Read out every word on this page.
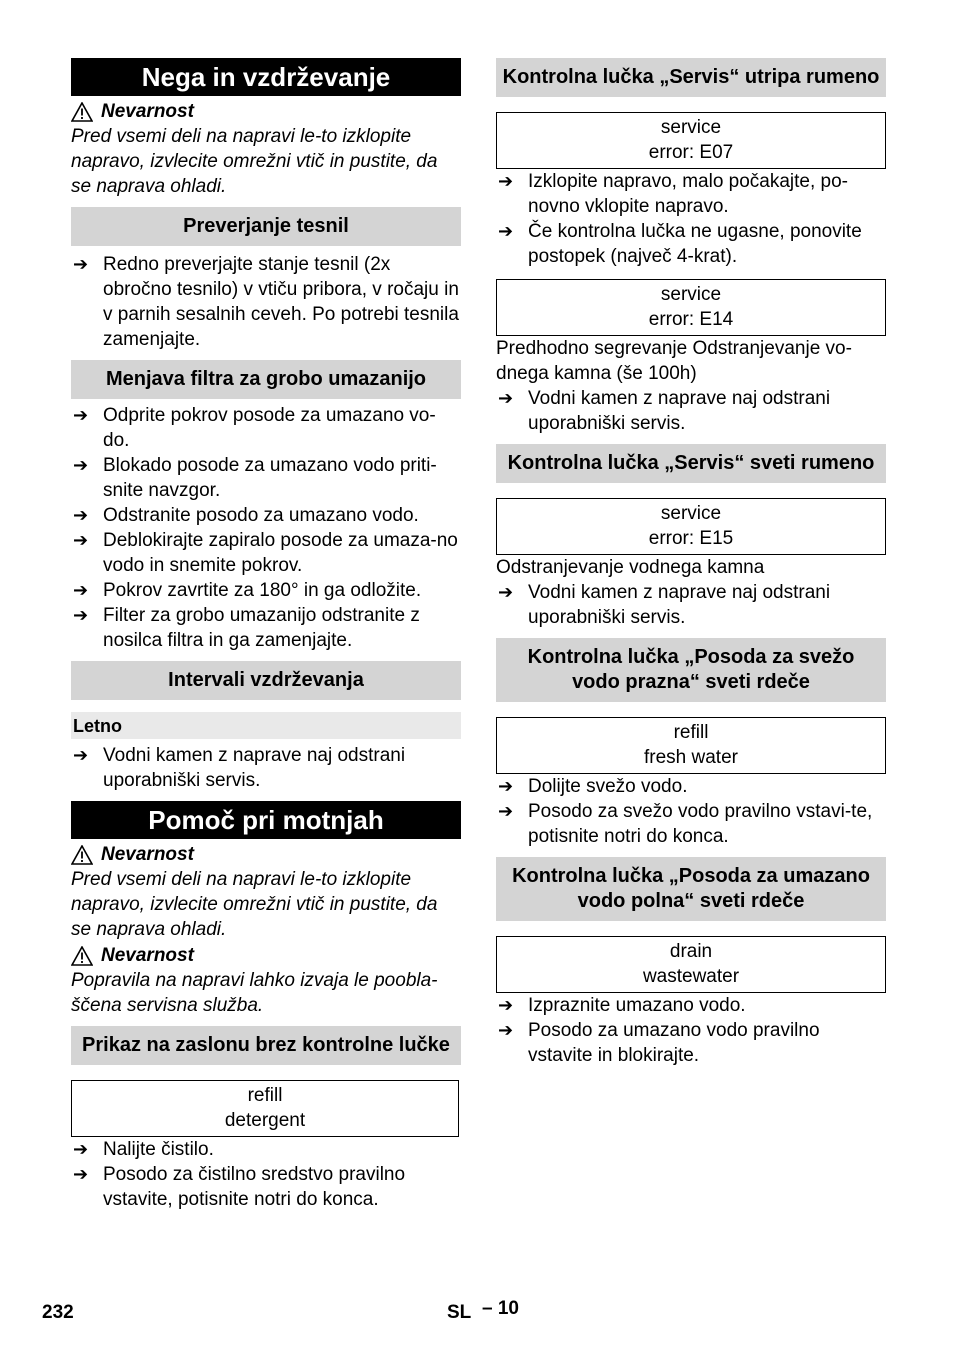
Nega in vzdrževanje
Nevarnost
Pred vsemi deli na napravi le-to izklopite napravo, izvlecite omrežni vtič in pustite, da se naprava ohladi.
Preverjanje tesnil
➔ Redno preverjajte stanje tesnil (2x obročno tesnilo) v vtiču pribora, v ročaju in v parnih sesalnih ceveh. Po potrebi tesnila zamenjajte.
Menjava filtra za grobo umazanijo
➔ Odprite pokrov posode za umazano vo-do.
➔ Blokado posode za umazano vodo priti-snite navzgor.
➔ Odstranite posodo za umazano vodo.
➔ Deblokirajte zapiralo posode za umaza-no vodo in snemite pokrov.
➔ Pokrov zavrtite za 180° in ga odložite.
➔ Filter za grobo umazanijo odstranite z nosilca filtra in ga zamenjajte.
Intervali vzdrževanja
Letno
➔ Vodni kamen z naprave naj odstrani uporabniški servis.
Pomoč pri motnjah
Nevarnost
Pred vsemi deli na napravi le-to izklopite napravo, izvlecite omrežni vtič in pustite, da se naprava ohladi.
Nevarnost
Popravila na napravi lahko izvaja le poobla-ščena servisna služba.
Prikaz na zaslonu brez kontrolne lučke
refill
detergent
➔ Nalijte čistilo.
➔ Posodo za čistilno sredstvo pravilno vstavite, potisnite notri do konca.
Kontrolna lučka „Servis“ utripa rumeno
service
error: E07
➔ Izklopite napravo, malo počakajte, po-novno vklopite napravo.
➔ Če kontrolna lučka ne ugasne, ponovite postopek (največ 4-krat).
service
error: E14
Predhodno segrevanje Odstranjevanje vo-dnega kamna (še 100h)
➔ Vodni kamen z naprave naj odstrani uporabniški servis.
Kontrolna lučka „Servis“ sveti rumeno
service
error: E15
Odstranjevanje vodnega kamna
➔ Vodni kamen z naprave naj odstrani uporabniški servis.
Kontrolna lučka „Posoda za svežo vodo prazna“ sveti rdeče
refill
fresh water
➔ Dolijte svežo vodo.
➔ Posodo za svežo vodo pravilno vstavi-te, potisnite notri do konca.
Kontrolna lučka „Posoda za umazano vodo polna“ sveti rdeče
drain
wastewater
➔ Izpraznite umazano vodo.
➔ Posodo za umazano vodo pravilno vstavite in blokirajte.
232	SL – 10
